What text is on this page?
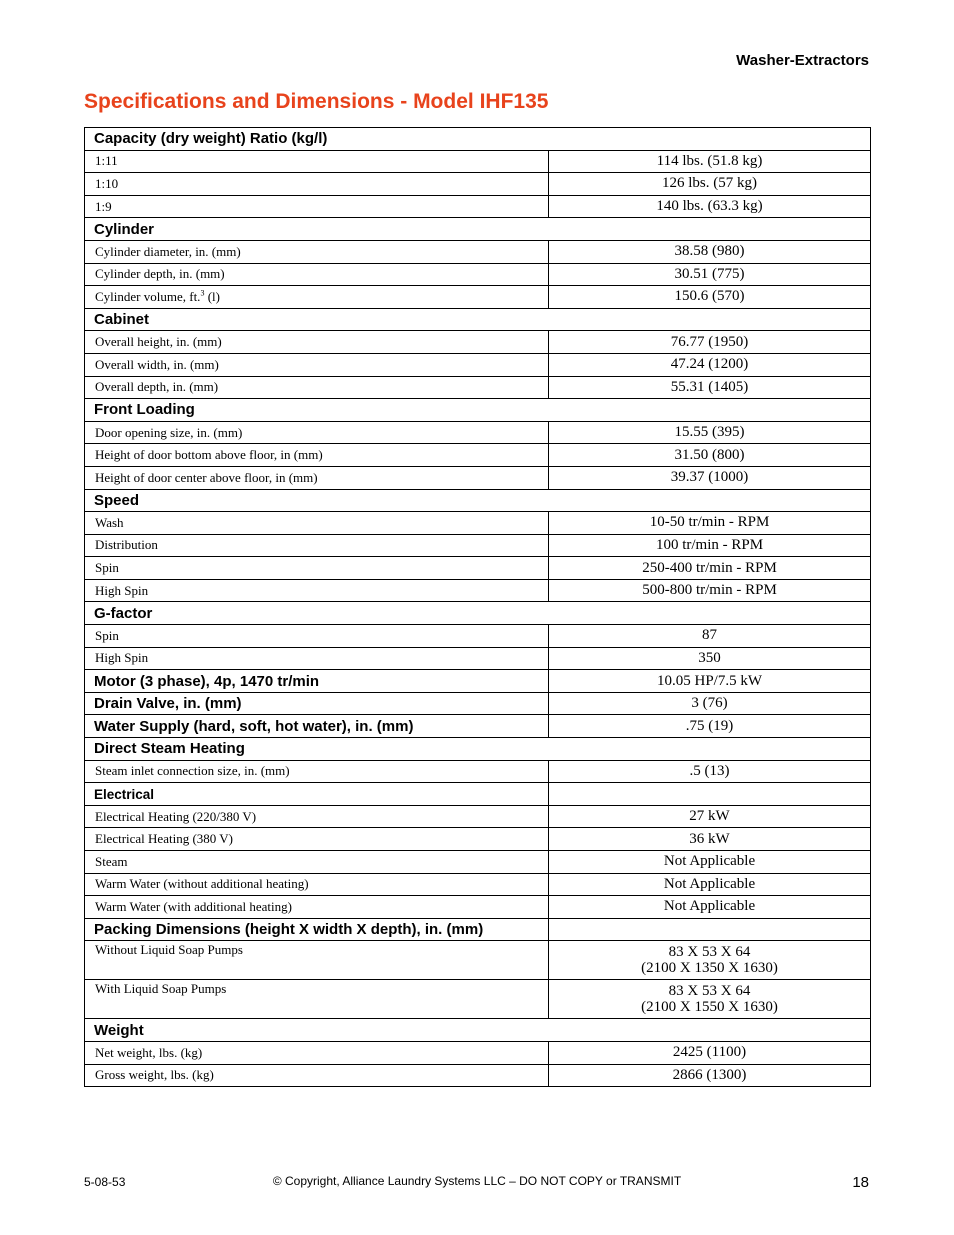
Washer-Extractors
Specifications and Dimensions - Model IHF135
Capacity (dry weight) Ratio (kg/l)	
1:11	114 lbs. (51.8 kg)
1:10	126 lbs. (57 kg)
1:9	140 lbs. (63.3 kg)
Cylinder	
Cylinder diameter, in. (mm)	38.58 (980)
Cylinder depth, in. (mm)	30.51 (775)
Cylinder volume, ft.$^3$ (l)	150.6 (570)
Cabinet	
Overall height, in. (mm)	76.77 (1950)
Overall width, in. (mm)	47.24 (1200)
Overall depth, in. (mm)	55.31 (1405)
Front Loading	
Door opening size, in. (mm)	15.55 (395)
Height of door bottom above floor, in (mm)	31.50 (800)
Height of door center above floor, in (mm)	39.37 (1000)
Speed	
Wash	10-50 tr/min - RPM
Distribution	100 tr/min - RPM
Spin	250-400 tr/min - RPM
High Spin	500-800 tr/min - RPM
G-factor	
Spin	87
High Spin	350
Motor (3 phase), 4p, 1470 tr/min	10.05 HP/7.5 kW
Drain Valve, in. (mm)	3 (76)
Water Supply (hard, soft, hot water), in. (mm)	.75 (19)
Direct Steam Heating	
Steam inlet connection size, in. (mm)	.5 (13)
Electrical	
Electrical Heating (220/380 V)	27 kW
Electrical Heating (380 V)	36 kW
Steam	Not Applicable
Warm Water (without additional heating)	Not Applicable
Warm Water (with additional heating)	Not Applicable
Packing Dimensions (height X width X depth), in. (mm)	
Without Liquid Soap Pumps	83 X 53 X 64
(2100 X 1350 X 1630)

With Liquid Soap Pumps	83 X 53 X 64
(2100 X 1550 X 1630)

Weight	
Net weight, lbs. (kg)	2425 (1100)
Gross weight, lbs. (kg)	2866 (1300)
5-08-53	© Copyright, Alliance Laundry Systems LLC – DO NOT COPY or TRANSMIT	18
